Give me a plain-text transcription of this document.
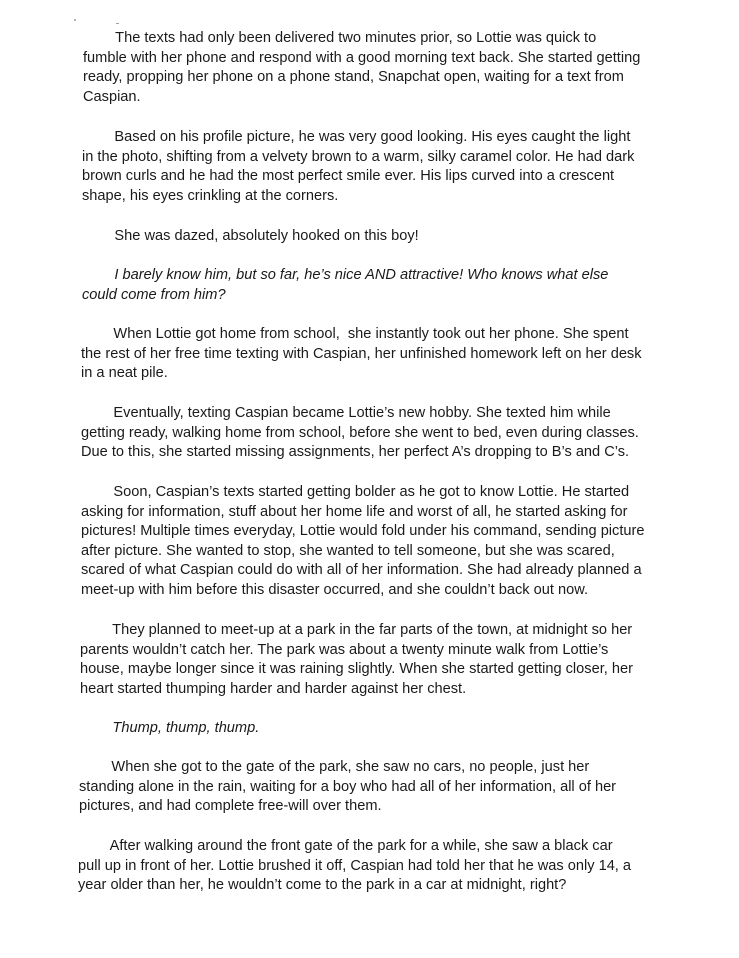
The texts had only been delivered two minutes prior, so Lottie was quick to
fumble with her phone and respond with a good morning text back. She started getting
ready, propping her phone on a phone stand, Snapchat open, waiting for a text from
Caspian.
Based on his profile picture, he was very good looking. His eyes caught the light
in the photo, shifting from a velvety brown to a warm, silky caramel color. He had dark
brown curls and he had the most perfect smile ever. His lips curved into a crescent
shape, his eyes crinkling at the corners.
She was dazed, absolutely hooked on this boy!
I barely know him, but so far, he’s nice AND attractive! Who knows what else
could come from him?
When Lottie got home from school,  she instantly took out her phone. She spent
the rest of her free time texting with Caspian, her unfinished homework left on her desk
in a neat pile.
Eventually, texting Caspian became Lottie’s new hobby. She texted him while
getting ready, walking home from school, before she went to bed, even during classes.
Due to this, she started missing assignments, her perfect A’s dropping to B’s and C’s.
Soon, Caspian’s texts started getting bolder as he got to know Lottie. He started
asking for information, stuff about her home life and worst of all, he started asking for
pictures! Multiple times everyday, Lottie would fold under his command, sending picture
after picture. She wanted to stop, she wanted to tell someone, but she was scared,
scared of what Caspian could do with all of her information. She had already planned a
meet-up with him before this disaster occurred, and she couldn’t back out now.
They planned to meet-up at a park in the far parts of the town, at midnight so her
parents wouldn’t catch her. The park was about a twenty minute walk from Lottie’s
house, maybe longer since it was raining slightly. When she started getting closer, her
heart started thumping harder and harder against her chest.
Thump, thump, thump.
When she got to the gate of the park, she saw no cars, no people, just her
standing alone in the rain, waiting for a boy who had all of her information, all of her
pictures, and had complete free-will over them.
After walking around the front gate of the park for a while, she saw a black car
pull up in front of her. Lottie brushed it off, Caspian had told her that he was only 14, a
year older than her, he wouldn’t come to the park in a car at midnight, right?
